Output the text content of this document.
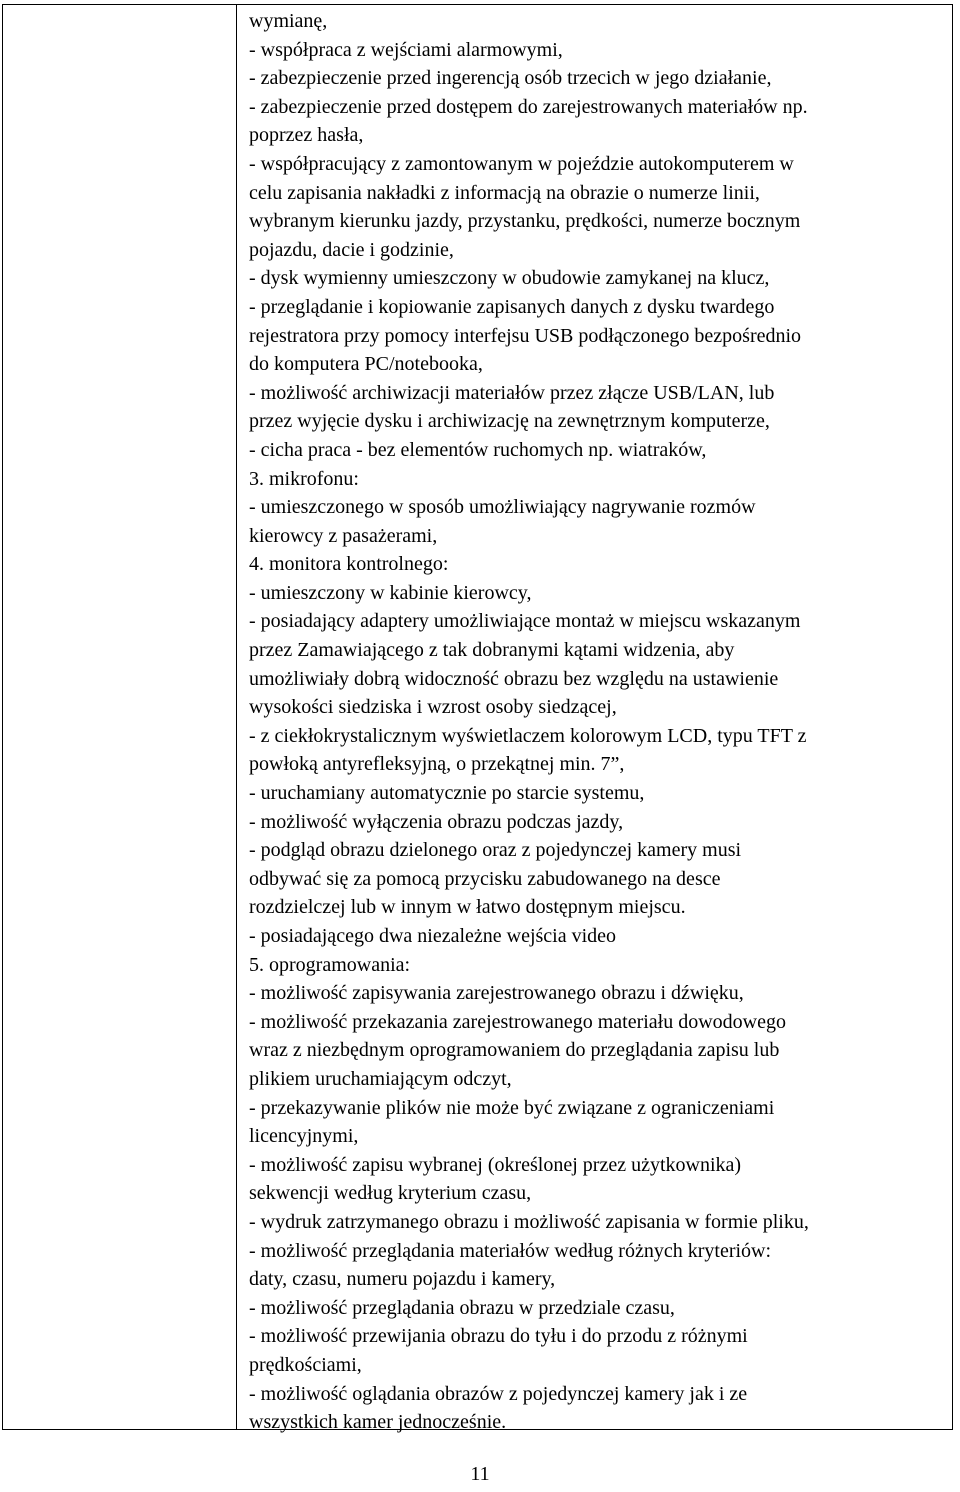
wymianę,
- współpraca z wejściami alarmowymi,
- zabezpieczenie przed ingerencją osób trzecich w jego działanie,
- zabezpieczenie przed dostępem do zarejestrowanych materiałów np.
poprzez hasła,
- współpracujący z zamontowanym w pojeździe autokomputerem w
celu zapisania nakładki z informacją na obrazie o numerze linii,
wybranym kierunku jazdy, przystanku, prędkości, numerze bocznym
pojazdu, dacie i godzinie,
- dysk wymienny umieszczony w obudowie zamykanej na klucz,
- przeglądanie i kopiowanie zapisanych danych z dysku twardego
rejestratora przy pomocy interfejsu USB podłączonego bezpośrednio
do komputera PC/notebooka,
- możliwość archiwizacji materiałów przez złącze USB/LAN, lub
przez wyjęcie dysku i archiwizację na zewnętrznym komputerze,
- cicha praca - bez elementów ruchomych np. wiatraków,
3. mikrofonu:
- umieszczonego w sposób umożliwiający nagrywanie rozmów
kierowcy z pasażerami,
4. monitora kontrolnego:
- umieszczony w kabinie kierowcy,
- posiadający adaptery umożliwiające montaż w miejscu wskazanym
przez Zamawiającego z tak dobranymi kątami widzenia, aby
umożliwiały dobrą widoczność obrazu bez względu na ustawienie
wysokości siedziska i wzrost osoby siedzącej,
- z ciekłokrystalicznym wyświetlaczem kolorowym LCD, typu TFT z
powłoką antyrefleksyjną, o przekątnej min. 7”,
- uruchamiany automatycznie po starcie systemu,
- możliwość wyłączenia obrazu podczas jazdy,
- podgląd obrazu dzielonego oraz z pojedynczej kamery musi
odbywać się za pomocą przycisku zabudowanego na desce
rozdzielczej lub w innym w łatwo dostępnym miejscu.
- posiadającego dwa niezależne wejścia video
5. oprogramowania:
- możliwość zapisywania zarejestrowanego obrazu i dźwięku,
- możliwość przekazania zarejestrowanego materiału dowodowego
wraz z niezbędnym oprogramowaniem do przeglądania zapisu lub
plikiem uruchamiającym odczyt,
- przekazywanie plików nie może być związane z ograniczeniami
licencyjnymi,
- możliwość zapisu wybranej (określonej przez użytkownika)
sekwencji według kryterium czasu,
- wydruk zatrzymanego obrazu i możliwość zapisania w formie pliku,
- możliwość przeglądania materiałów według różnych kryteriów:
daty, czasu, numeru pojazdu i kamery,
- możliwość przeglądania obrazu w przedziale czasu,
- możliwość przewijania obrazu do tyłu i do przodu z różnymi
prędkościami,
- możliwość oglądania obrazów z pojedynczej kamery jak i ze
wszystkich kamer jednocześnie.
11
